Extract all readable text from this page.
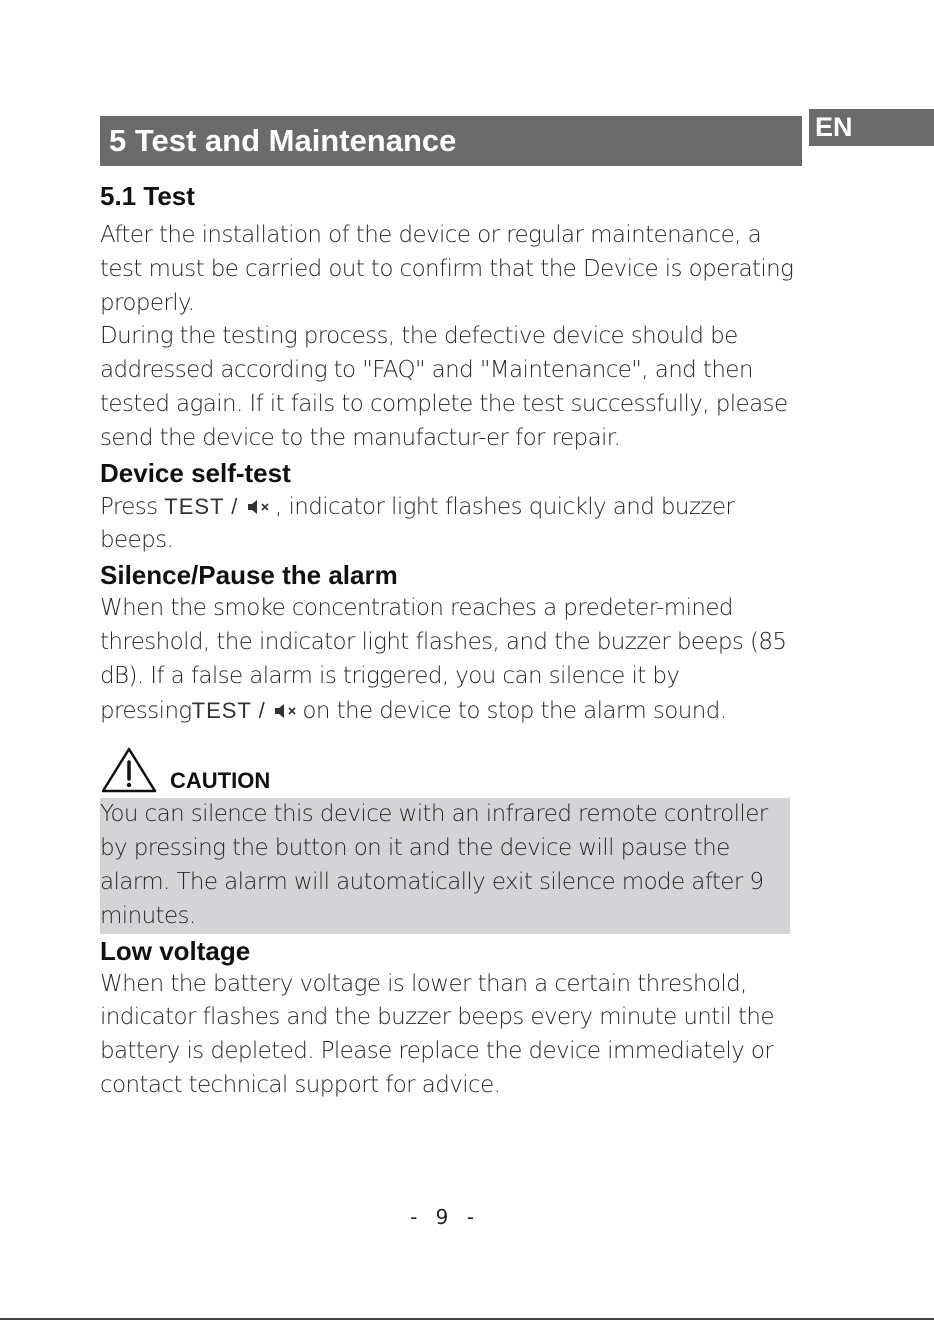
5 Test and Maintenance	EN
5.1 Test

After the installation of the device or regular maintenance, a test must be carried out to confirm that the Device is operating properly.

During the testing process, the defective device should be addressed according to "FAQ" and "Maintenance", and then tested again. If it fails to complete the test successfully, please send the device to the manufactur-er for repair.

Device self-test

Press TEST / , indicator light flashes quickly and buzzer beeps.

Silence/Pause the alarm

When the smoke concentration reaches a predeter-mined threshold, the indicator light flashes, and the buzzer beeps (85 dB). If a false alarm is triggered, you can silence it by pressingTEST / on the device to stop the alarm sound.

CAUTION

You can silence this device with an infrared remote controller by pressing the button on it and the device will pause the alarm. The alarm will automatically exit silence mode after 9 minutes.

Low voltage

When the battery voltage is lower than a certain threshold, indicator flashes and the buzzer beeps every minute until the battery is depleted. Please replace the device immediately or contact technical support for advice.

- 9 -
